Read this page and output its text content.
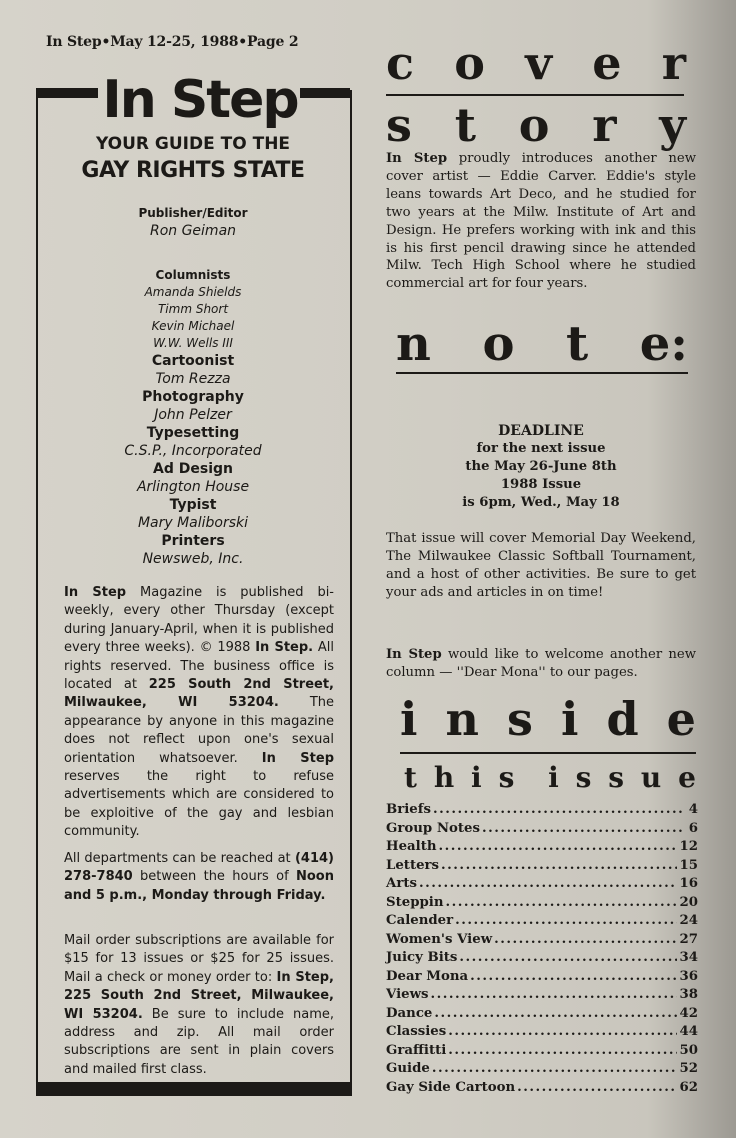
In Step•May 12-25, 1988•Page 2
In Step
YOUR GUIDE TO THE
GAY RIGHTS STATE
Publisher/Editor
Ron Geiman
Columnists
Amanda Shields
Timm Short
Kevin Michael
W.W. Wells III
Cartoonist
Tom Rezza
Photography
John Pelzer
Typesetting
C.S.P., Incorporated
Ad Design
Arlington House
Typist
Mary Maliborski
Printers
Newsweb, Inc.
In Step Magazine is published bi-weekly, every other Thursday (except during January-April, when it is published every three weeks). © 1988 In Step. All rights reserved. The business office is located at 225 South 2nd Street, Milwaukee, WI 53204. The appearance by anyone in this magazine does not reflect upon one's sexual orientation whatsoever. In Step reserves the right to refuse advertisements which are considered to be exploitive of the gay and lesbian community.
All departments can be reached at (414) 278-7840 between the hours of Noon and 5 p.m., Monday through Friday.
Mail order subscriptions are available for $15 for 13 issues or $25 for 25 issues. Mail a check or money order to: In Step, 225 South 2nd Street, Milwaukee, WI 53204. Be sure to include name, address and zip. All mail order subscriptions are sent in plain covers and mailed first class.
c o v e r
s t o r y
In Step proudly introduces another new cover artist — Eddie Carver. Eddie's style leans towards Art Deco, and he studied for two years at the Milw. Institute of Art and Design. He prefers working with ink and this is his first pencil drawing since he attended Milw. Tech High School where he studied commercial art for four years.
n o t e:
DEADLINE
for the next issue
the May 26-June 8th
1988 Issue
is 6pm, Wed., May 18
That issue will cover Memorial Day Weekend, The Milwaukee Classic Softball Tournament, and a host of other activities. Be sure to get your ads and articles in on time!
In Step would like to welcome another new column — ''Dear Mona'' to our pages.
i n s i d e
t h i s i s s u e
Briefs .....	4
Group Notes .....	6
Health .....	12
Letters .....	15
Arts .....	16
Steppin .....	20
Calender .....	24
Women's View .....	27
Juicy Bits .....	34
Dear Mona .....	36
Views .....	38
Dance .....	42
Classies .....	44
Graffitti .....	50
Guide .....	52
Gay Side Cartoon .....	62
